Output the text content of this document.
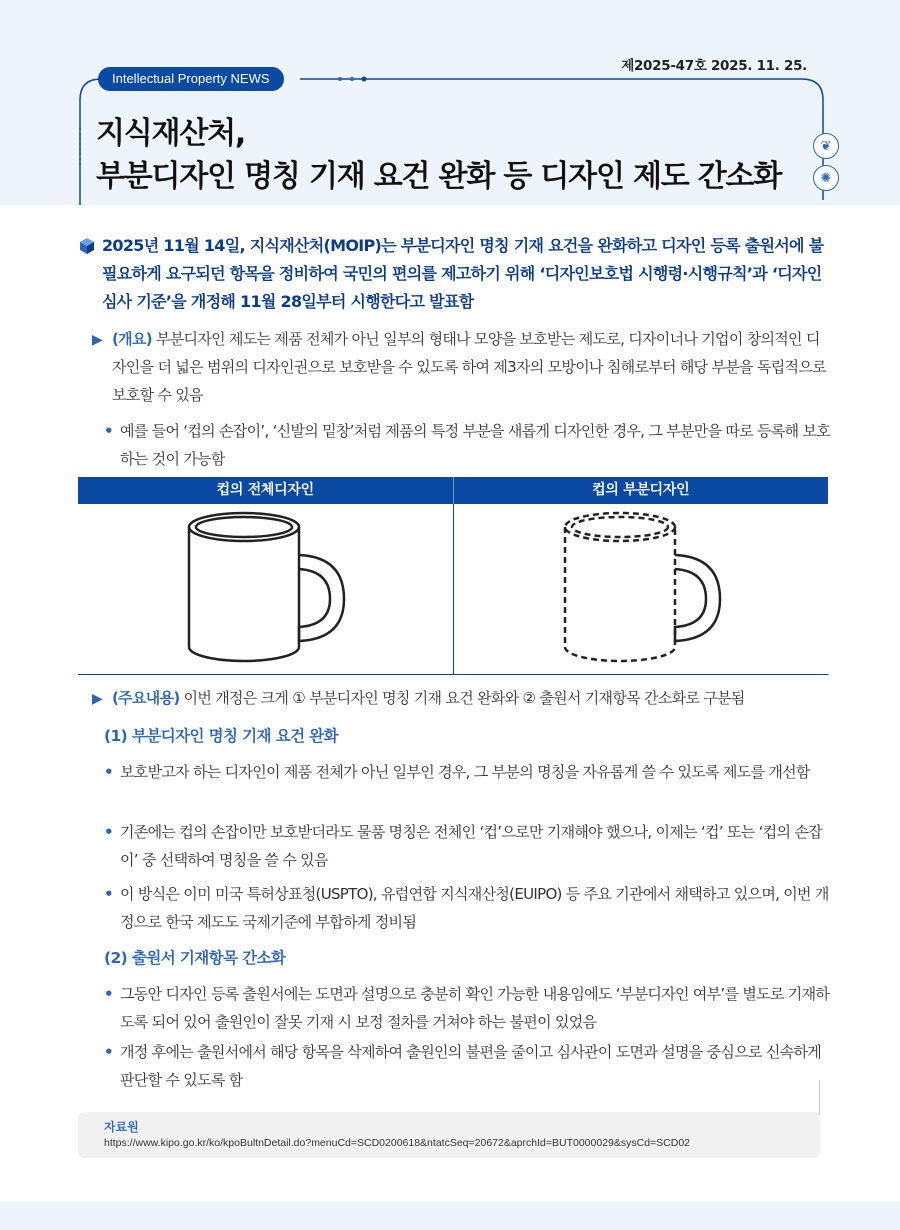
제2025-47호 2025. 11. 25.
Intellectual Property NEWS
지식재산처,
부분디자인 명칭 기재 요건 완화 등 디자인 제도 간소화
❦
✺
2025년 11월 14일, 지식재산처(MOIP)는 부분디자인 명칭 기재 요건을 완화하고 디자인 등록 출원서에 불필요하게 요구되던 항목을 정비하여 국민의 편의를 제고하기 위해 ‘디자인보호법 시행령·시행규칙’과 ‘디자인 심사 기준’을 개정해 11월 28일부터 시행한다고 발표함
▶ (개요) 부분디자인 제도는 제품 전체가 아닌 일부의 형태나 모양을 보호받는 제도로, 디자이너나 기업이 창의적인 디자인을 더 넓은 범위의 디자인권으로 보호받을 수 있도록 하여 제3자의 모방이나 침해로부터 해당 부분을 독립적으로 보호할 수 있음
• 예를 들어 ‘컵의 손잡이’, ‘신발의 밑창’처럼 제품의 특정 부분을 새롭게 디자인한 경우, 그 부분만을 따로 등록해 보호하는 것이 가능함
컵의 전체디자인	컵의 부분디자인
▶ (주요내용) 이번 개정은 크게 ① 부분디자인 명칭 기재 요건 완화와 ② 출원서 기재항목 간소화로 구분됨
(1) 부분디자인 명칭 기재 요건 완화
• 보호받고자 하는 디자인이 제품 전체가 아닌 일부인 경우, 그 부분의 명칭을 자유롭게 쓸 수 있도록 제도를 개선함
• 기존에는 컵의 손잡이만 보호받더라도 물품 명칭은 전체인 ‘컵’으로만 기재해야 했으나, 이제는 ‘컵’ 또는 ‘컵의 손잡이’ 중 선택하여 명칭을 쓸 수 있음
• 이 방식은 이미 미국 특허상표청(USPTO), 유럽연합 지식재산청(EUIPO) 등 주요 기관에서 채택하고 있으며, 이번 개정으로 한국 제도도 국제기준에 부합하게 정비됨
(2) 출원서 기재항목 간소화
• 그동안 디자인 등록 출원서에는 도면과 설명으로 충분히 확인 가능한 내용임에도 ‘부분디자인 여부’를 별도로 기재하도록 되어 있어 출원인이 잘못 기재 시 보정 절차를 거쳐야 하는 불편이 있었음
• 개정 후에는 출원서에서 해당 항목을 삭제하여 출원인의 불편을 줄이고 심사관이 도면과 설명을 중심으로 신속하게 판단할 수 있도록 함
자료원
https://www.kipo.go.kr/ko/kpoBultnDetail.do?menuCd=SCD0200618&ntatcSeq=20672&aprchId=BUT0000029&sysCd=SCD02
